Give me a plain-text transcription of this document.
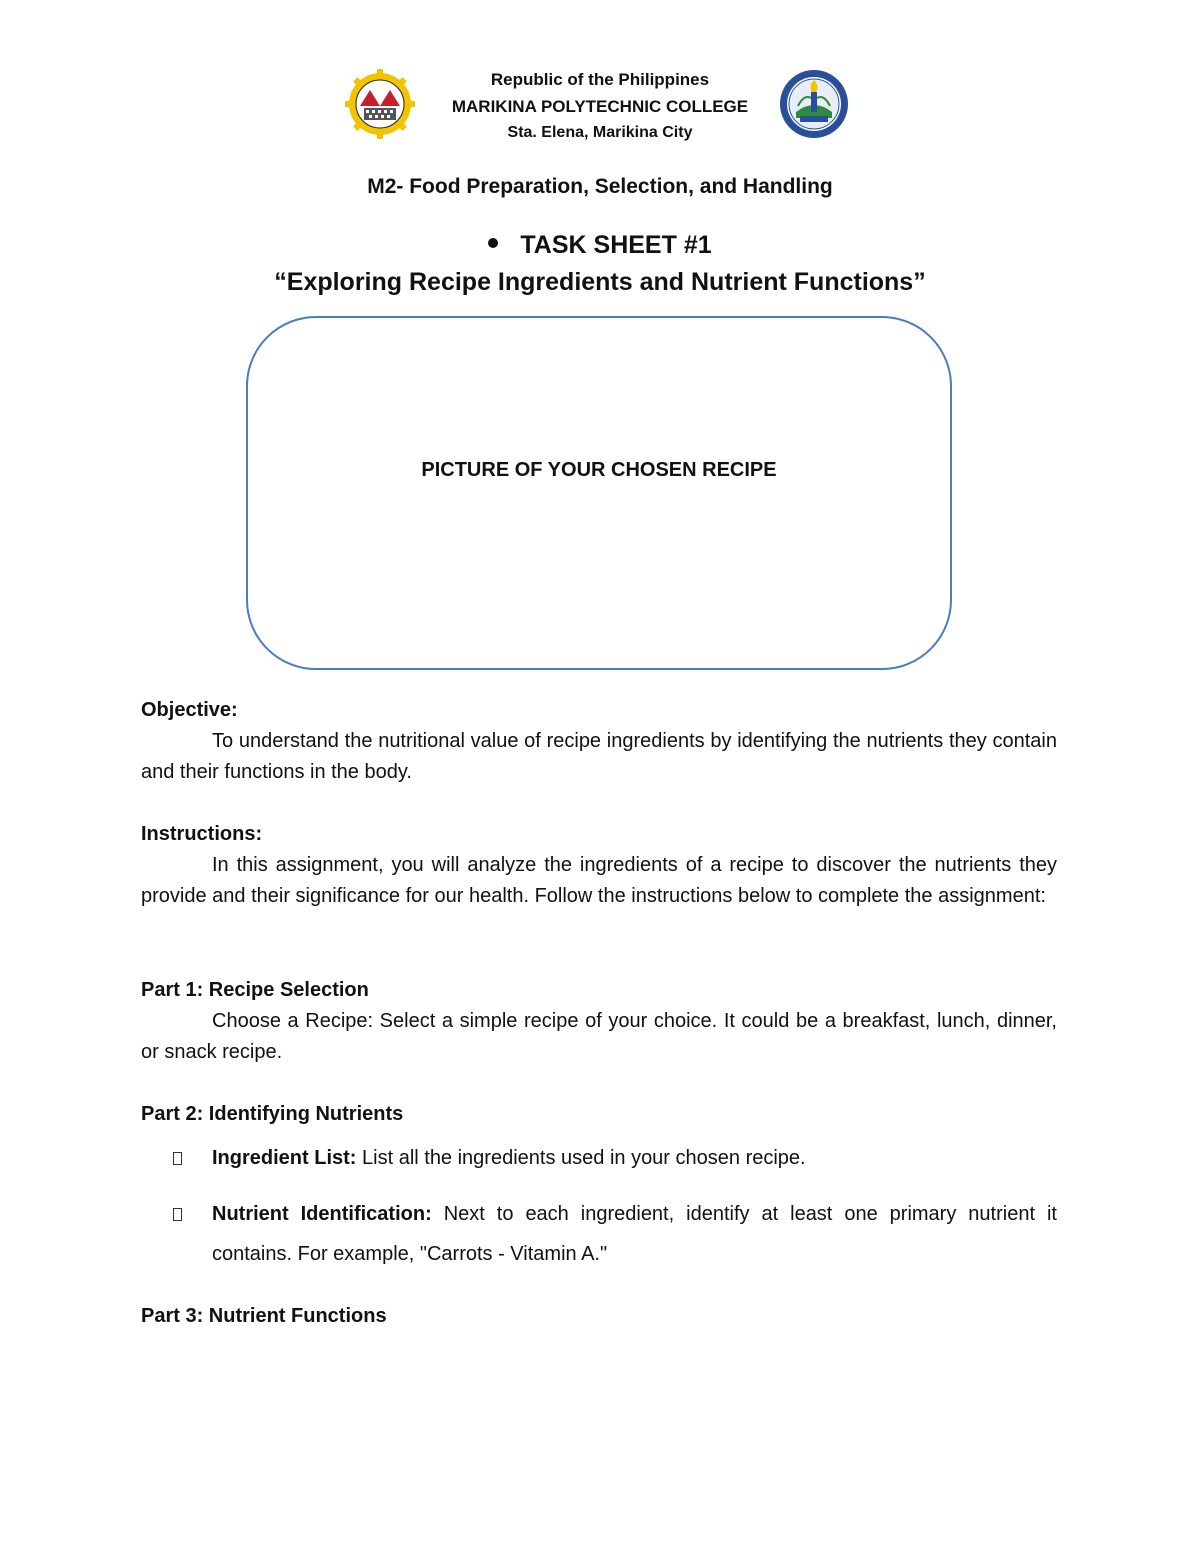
Republic of the Philippines
MARIKINA POLYTECHNIC COLLEGE
Sta. Elena, Marikina City
M2- Food Preparation, Selection, and Handling
TASK SHEET #1
“Exploring Recipe Ingredients and Nutrient Functions”
PICTURE OF YOUR CHOSEN RECIPE
Objective:

To understand the nutritional value of recipe ingredients by identifying the nutrients they contain and their functions in the body.

Instructions:

In this assignment, you will analyze the ingredients of a recipe to discover the nutrients they provide and their significance for our health. Follow the instructions below to complete the assignment:

Part 1: Recipe Selection

Choose a Recipe: Select a simple recipe of your choice. It could be a breakfast, lunch, dinner, or snack recipe.

Part 2: Identifying Nutrients
Ingredient List: List all the ingredients used in your chosen recipe.
Nutrient Identification: Next to each ingredient, identify at least one primary nutrient it contains. For example, "Carrots - Vitamin A."
Part 3: Nutrient Functions
